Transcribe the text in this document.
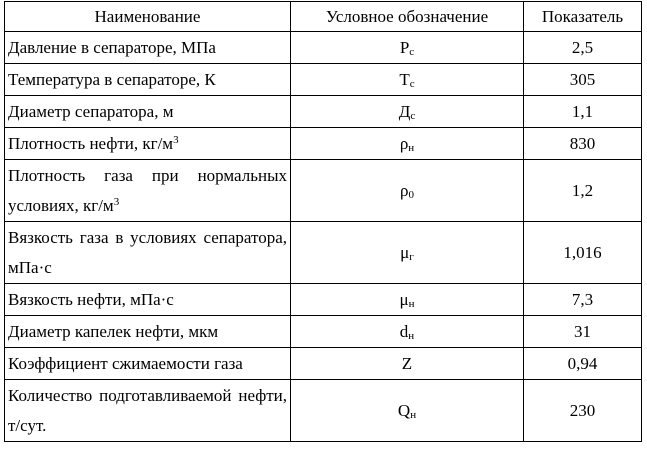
Наименование	Условное обозначение	Показатель
Давление в сепараторе, МПа	$P_с$	2,5
Температура в сепараторе, К	$T_с$	305
Диаметр сепаратора, м	$Д_с$	1,1
Плотность нефти, $кг/м^3$	$\rho_н$	830
Плотность газа при нормальных условиях, $кг/м^3$	$\rho_0$	1,2
Вязкость газа в условиях сепаратора, мПа·с	$\mu_г$	1,016
Вязкость нефти, мПа·с	$\mu_н$	7,3
Диаметр капелек нефти, мкм	$d_н$	31
Коэффициент сжимаемости газа	Z	0,94
Количество подготавливаемой нефти, т/сут.	$Q_н$	230
